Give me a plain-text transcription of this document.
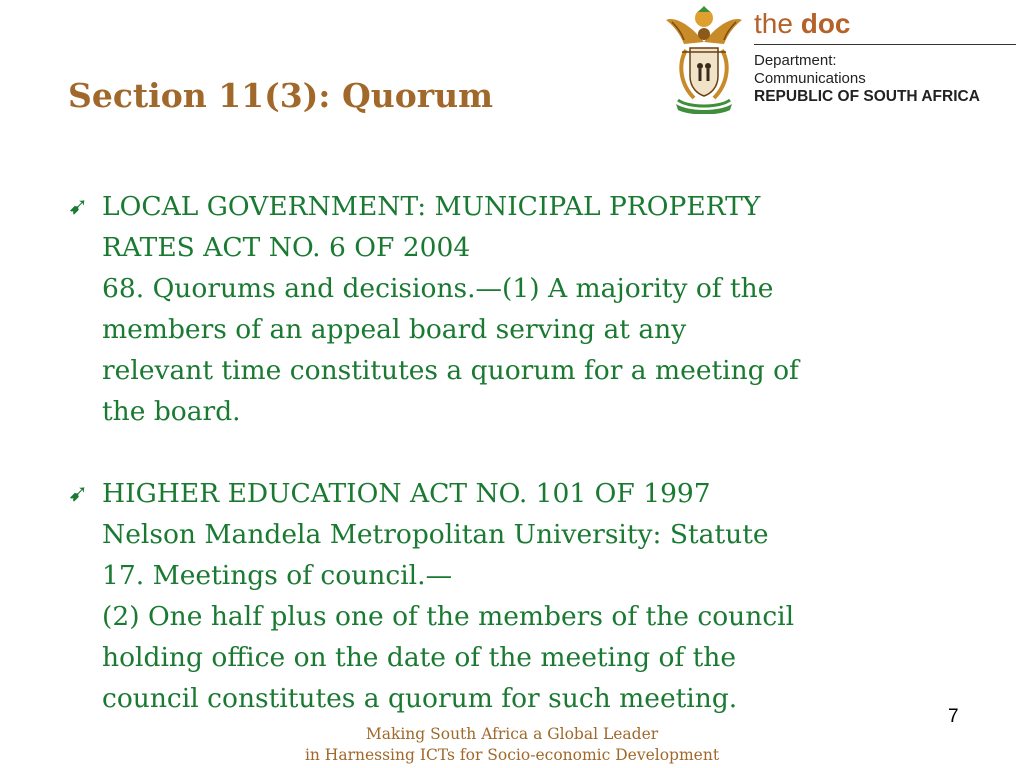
Section 11(3): Quorum
the doc
Department:
Communications
REPUBLIC OF SOUTH AFRICA
➹ LOCAL GOVERNMENT: MUNICIPAL PROPERTY
RATES ACT NO. 6 OF 2004
68. Quorums and decisions.—(1) A majority of the
members of an appeal board serving at any
relevant time constitutes a quorum for a meeting of
the board.
➹ HIGHER EDUCATION ACT NO. 101 OF 1997
Nelson Mandela Metropolitan University: Statute
17. Meetings of council.—
(2) One half plus one of the members of the council
holding office on the date of the meeting of the
council constitutes a quorum for such meeting.
7
Making South Africa a Global Leader
in Harnessing ICTs for Socio-economic Development
